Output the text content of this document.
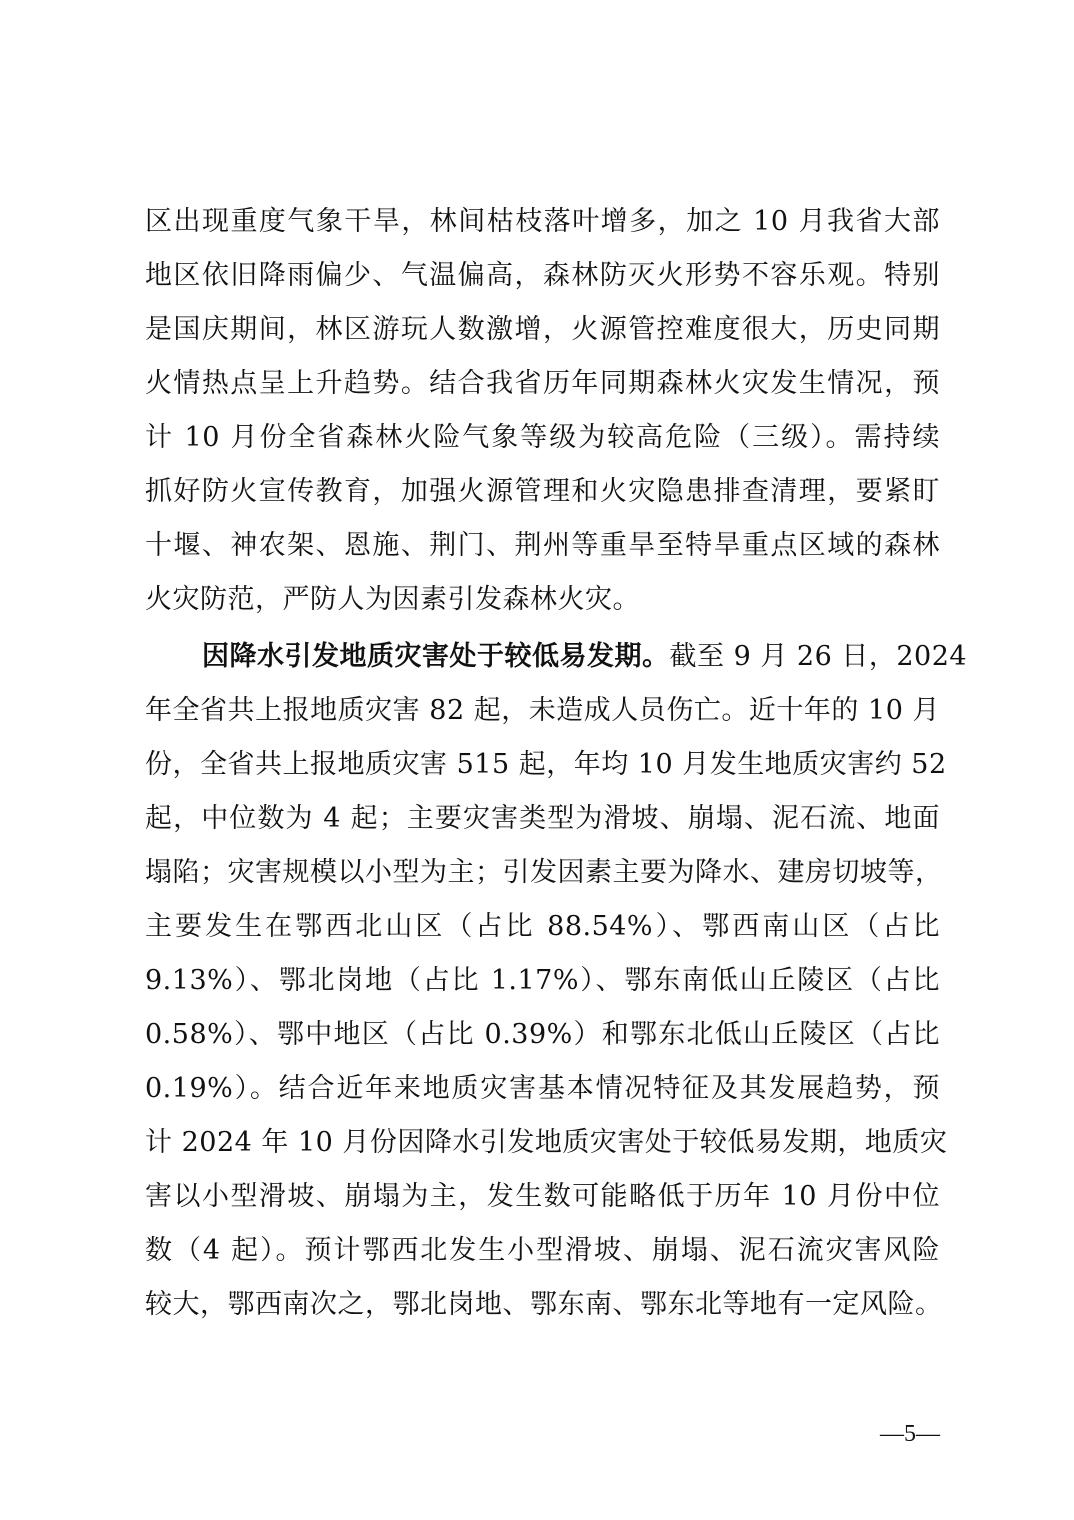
区出现重度气象干旱，林间枯枝落叶增多，加之 10 月我省大部
地区依旧降雨偏少、气温偏高，森林防灭火形势不容乐观。特别
是国庆期间，林区游玩人数激增，火源管控难度很大，历史同期
火情热点呈上升趋势。结合我省历年同期森林火灾发生情况，预
计 10 月份全省森林火险气象等级为较高危险（三级）。需持续
抓好防火宣传教育，加强火源管理和火灾隐患排查清理，要紧盯
十堰、神农架、恩施、荆门、荆州等重旱至特旱重点区域的森林
火灾防范，严防人为因素引发森林火灾。
因降水引发地质灾害处于较低易发期。截至 9 月 26 日，2024
年全省共上报地质灾害 82 起，未造成人员伤亡。近十年的 10 月
份，全省共上报地质灾害 515 起，年均 10 月发生地质灾害约 52
起，中位数为 4 起；主要灾害类型为滑坡、崩塌、泥石流、地面
塌陷；灾害规模以小型为主；引发因素主要为降水、建房切坡等，
主要发生在鄂西北山区（占比 88.54%）、鄂西南山区（占比
9.13%）、鄂北岗地（占比 1.17%）、鄂东南低山丘陵区（占比
0.58%）、鄂中地区（占比 0.39%）和鄂东北低山丘陵区（占比
0.19%）。结合近年来地质灾害基本情况特征及其发展趋势，预
计 2024 年 10 月份因降水引发地质灾害处于较低易发期，地质灾
害以小型滑坡、崩塌为主，发生数可能略低于历年 10 月份中位
数（4 起）。预计鄂西北发生小型滑坡、崩塌、泥石流灾害风险
较大，鄂西南次之，鄂北岗地、鄂东南、鄂东北等地有一定风险。
—5—
